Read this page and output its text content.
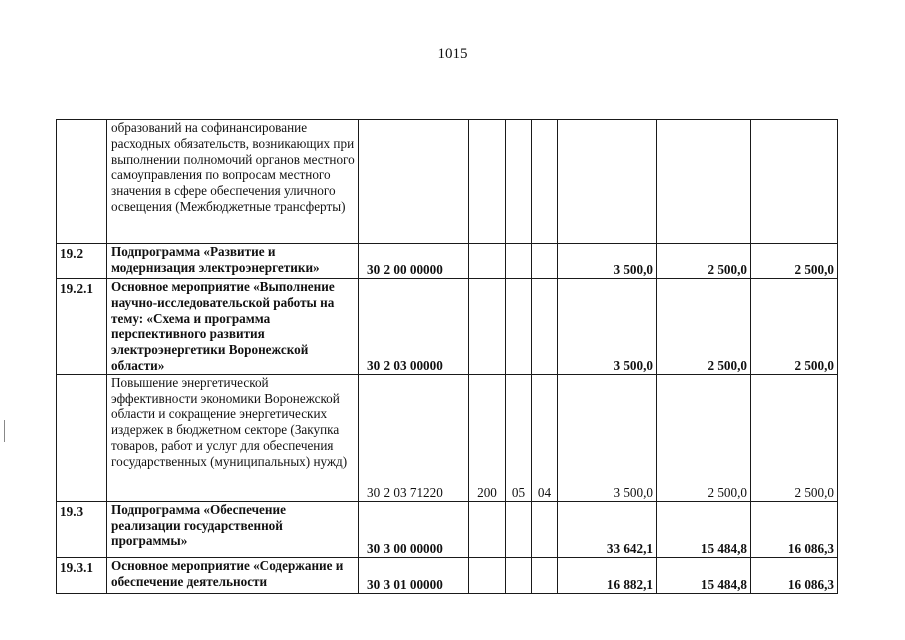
1015
	образований на софинансирование расходных обязательств, возникающих при выполнении полномочий органов местного самоуправления по вопросам местного значения в сфере обеспечения уличного освещения (Межбюджетные трансферты)							
19.2	Подпрограмма «Развитие и модернизация электроэнергетики»	30 2 00 00000				3 500,0	2 500,0	2 500,0
19.2.1	Основное мероприятие «Выполнение научно-исследовательской работы на тему: «Схема и программа перспективного развития электроэнергетики Воронежской области»	30 2 03 00000				3 500,0	2 500,0	2 500,0
	Повышение энергетической эффективности экономики Воронежской области и сокращение энергетических издержек в бюджетном секторе (Закупка товаров, работ и услуг для обеспечения государственных (муниципальных) нужд)	30 2 03 71220	200	05	04	3 500,0	2 500,0	2 500,0
19.3	Подпрограмма «Обеспечение реализации государственной программы»	30 3 00 00000				33 642,1	15 484,8	16 086,3
19.3.1	Основное мероприятие «Содержание и обеспечение деятельности	30 3 01 00000				16 882,1	15 484,8	16 086,3
